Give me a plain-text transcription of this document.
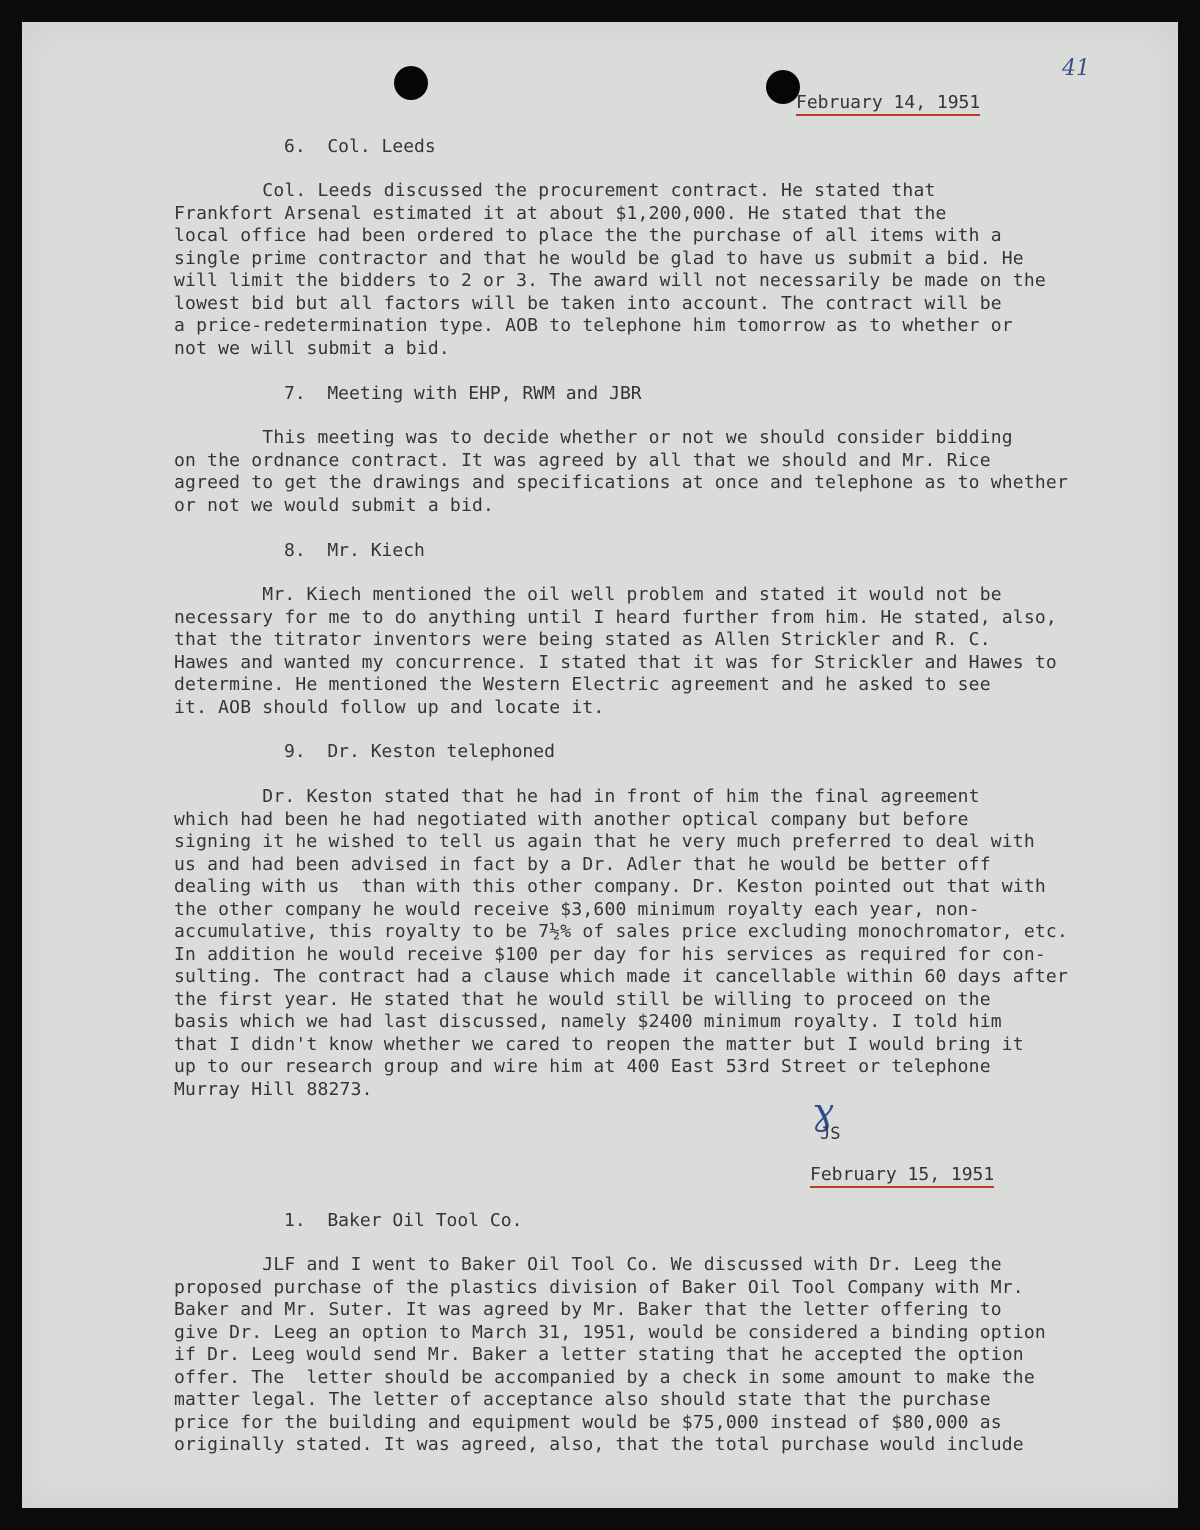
41

February 14, 1951
6.  Col. Leeds
Col. Leeds discussed the procurement contract. He stated that
Frankfort Arsenal estimated it at about $1,200,000. He stated that the
local office had been ordered to place the the purchase of all items with a
single prime contractor and that he would be glad to have us submit a bid. He
will limit the bidders to 2 or 3. The award will not necessarily be made on the
lowest bid but all factors will be taken into account. The contract will be
a price-redetermination type. AOB to telephone him tomorrow as to whether or
not we will submit a bid.
7.  Meeting with EHP, RWM and JBR
This meeting was to decide whether or not we should consider bidding
on the ordnance contract. It was agreed by all that we should and Mr. Rice
agreed to get the drawings and specifications at once and telephone as to whether
or not we would submit a bid.
8.  Mr. Kiech
Mr. Kiech mentioned the oil well problem and stated it would not be
necessary for me to do anything until I heard further from him. He stated, also,
that the titrator inventors were being stated as Allen Strickler and R. C.
Hawes and wanted my concurrence. I stated that it was for Strickler and Hawes to
determine. He mentioned the Western Electric agreement and he asked to see
it. AOB should follow up and locate it.
9.  Dr. Keston telephoned
Dr. Keston stated that he had in front of him the final agreement
which had been he had negotiated with another optical company but before
signing it he wished to tell us again that he very much preferred to deal with
us and had been advised in fact by a Dr. Adler that he would be better off
dealing with us  than with this other company. Dr. Keston pointed out that with
the other company he would receive $3,600 minimum royalty each year, non-
accumulative, this royalty to be 7½% of sales price excluding monochromator, etc.
In addition he would receive $100 per day for his services as required for con-
sulting. The contract had a clause which made it cancellable within 60 days after
the first year. He stated that he would still be willing to proceed on the
basis which we had last discussed, namely $2400 minimum royalty. I told him
that I didn't know whether we cared to reopen the matter but I would bring it
up to our research group and wire him at 400 East 53rd Street or telephone
Murray Hill 88273.
ɣ
JS
February 15, 1951
1.  Baker Oil Tool Co.
JLF and I went to Baker Oil Tool Co. We discussed with Dr. Leeg the
proposed purchase of the plastics division of Baker Oil Tool Company with Mr.
Baker and Mr. Suter. It was agreed by Mr. Baker that the letter offering to
give Dr. Leeg an option to March 31, 1951, would be considered a binding option
if Dr. Leeg would send Mr. Baker a letter stating that he accepted the option
offer. The  letter should be accompanied by a check in some amount to make the
matter legal. The letter of acceptance also should state that the purchase
price for the building and equipment would be $75,000 instead of $80,000 as
originally stated. It was agreed, also, that the total purchase would include
